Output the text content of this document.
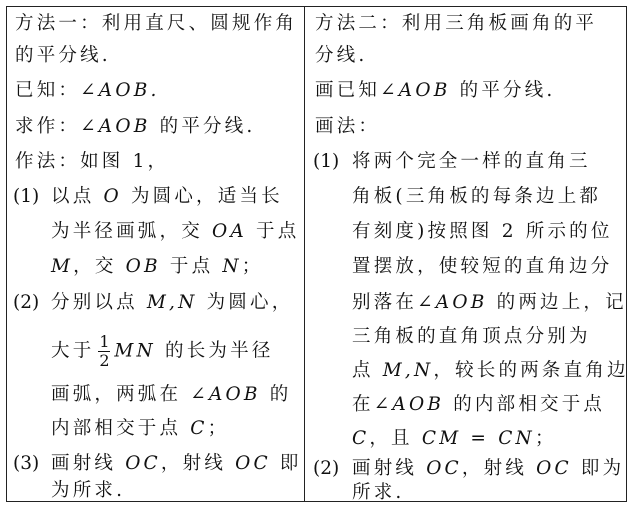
方法一：利用直尺、圆规作角
的平分线.
已知：∠AOB.
求作：∠AOB 的平分线.
作法：如图 1，
(1) 以点 O 为圆心，适当长
为半径画弧，交 OA 于点
M，交 OB 于点 N；
(2) 分别以点 M,N 为圆心，
大于 $\frac{1}{2}$ MN 的长为半径
画弧，两弧在 ∠AOB 的
内部相交于点 C；
(3) 画射线 OC，射线 OC 即
为所求.
方法二：利用三角板画角的平
分线.
画已知∠AOB 的平分线.
画法：
(1) 将两个完全一样的直角三
角板(三角板的每条边上都
有刻度)按照图 2 所示的位
置摆放，使较短的直角边分
别落在∠AOB 的两边上，记
三角板的直角顶点分别为
点 M,N，较长的两条直角边
在∠AOB 的内部相交于点
C，且 CM = CN；
(2) 画射线 OC，射线 OC 即为
所求.
